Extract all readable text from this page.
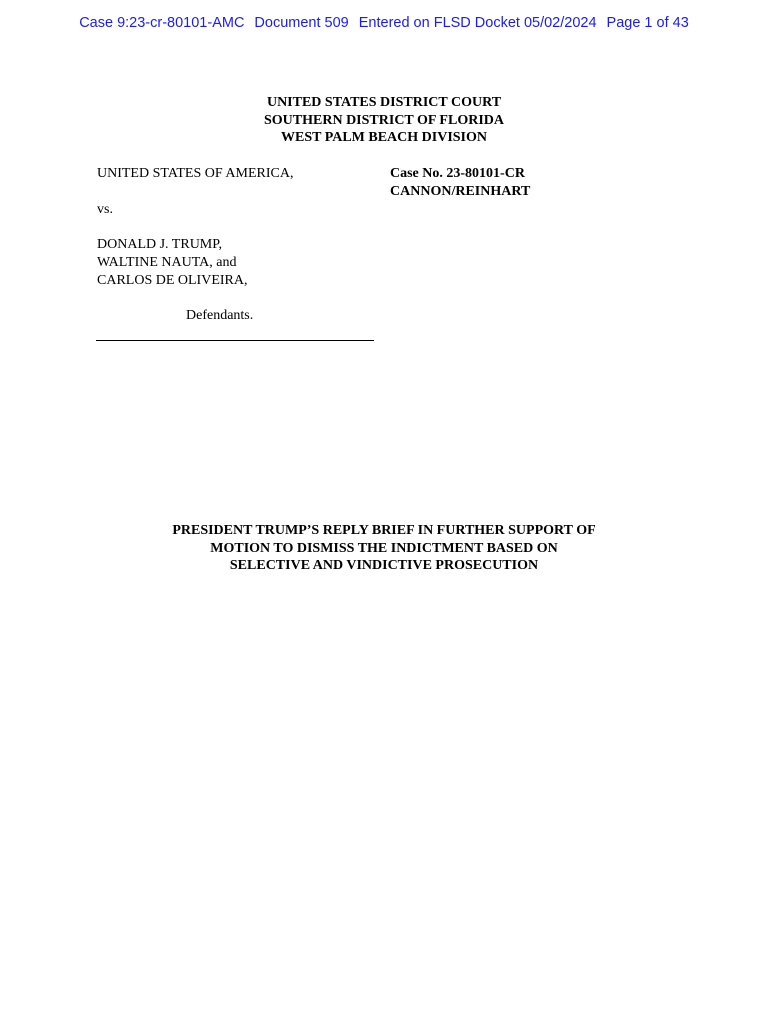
Case 9:23-cr-80101-AMC Document 509 Entered on FLSD Docket 05/02/2024 Page 1 of 43
UNITED STATES DISTRICT COURT
SOUTHERN DISTRICT OF FLORIDA
WEST PALM BEACH DIVISION
UNITED STATES OF AMERICA,
vs.
DONALD J. TRUMP,
WALTINE NAUTA, and
CARLOS DE OLIVEIRA,
Defendants.
Case No. 23-80101-CR
CANNON/REINHART
PRESIDENT TRUMP’S REPLY BRIEF IN FURTHER SUPPORT OF
MOTION TO DISMISS THE INDICTMENT BASED ON
SELECTIVE AND VINDICTIVE PROSECUTION
